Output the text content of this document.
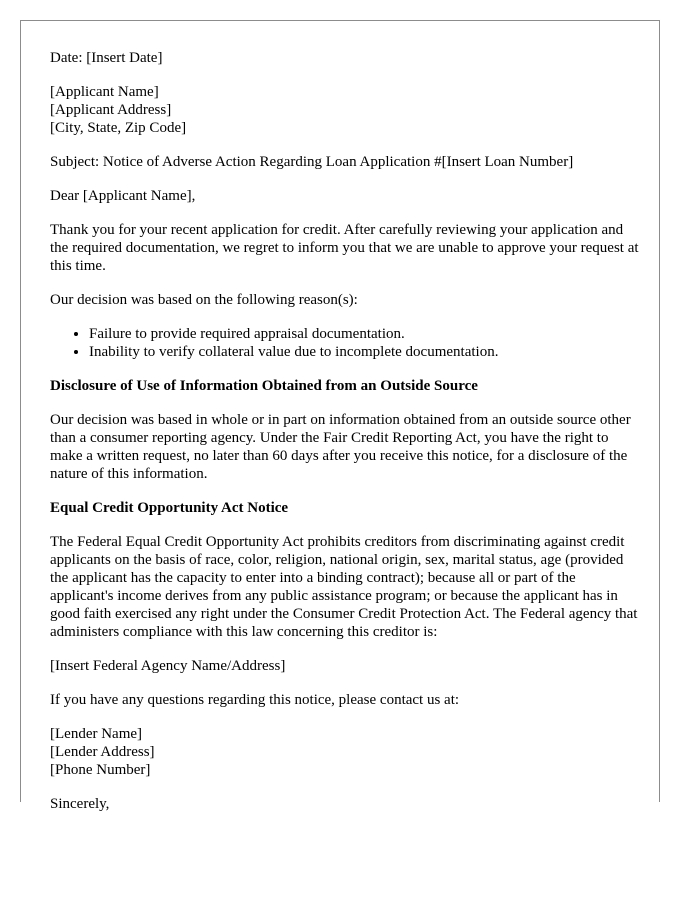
Date: [Insert Date]

[Applicant Name]
[Applicant Address]
[City, State, Zip Code]

Subject: Notice of Adverse Action Regarding Loan Application #[Insert Loan Number]

Dear [Applicant Name],

Thank you for your recent application for credit. After carefully reviewing your application and the required documentation, we regret to inform you that we are unable to approve your request at this time.

Our decision was based on the following reason(s):

• Failure to provide required appraisal documentation.
• Inability to verify collateral value due to incomplete documentation.
Disclosure of Use of Information Obtained from an Outside Source

Our decision was based in whole or in part on information obtained from an outside source other than a consumer reporting agency. Under the Fair Credit Reporting Act, you have the right to make a written request, no later than 60 days after you receive this notice, for a disclosure of the nature of this information.

Equal Credit Opportunity Act Notice

The Federal Equal Credit Opportunity Act prohibits creditors from discriminating against credit applicants on the basis of race, color, religion, national origin, sex, marital status, age (provided the applicant has the capacity to enter into a binding contract); because all or part of the applicant's income derives from any public assistance program; or because the applicant has in good faith exercised any right under the Consumer Credit Protection Act. The Federal agency that administers compliance with this law concerning this creditor is:

[Insert Federal Agency Name/Address]

If you have any questions regarding this notice, please contact us at:

[Lender Name]
[Lender Address]
[Phone Number]

Sincerely,
